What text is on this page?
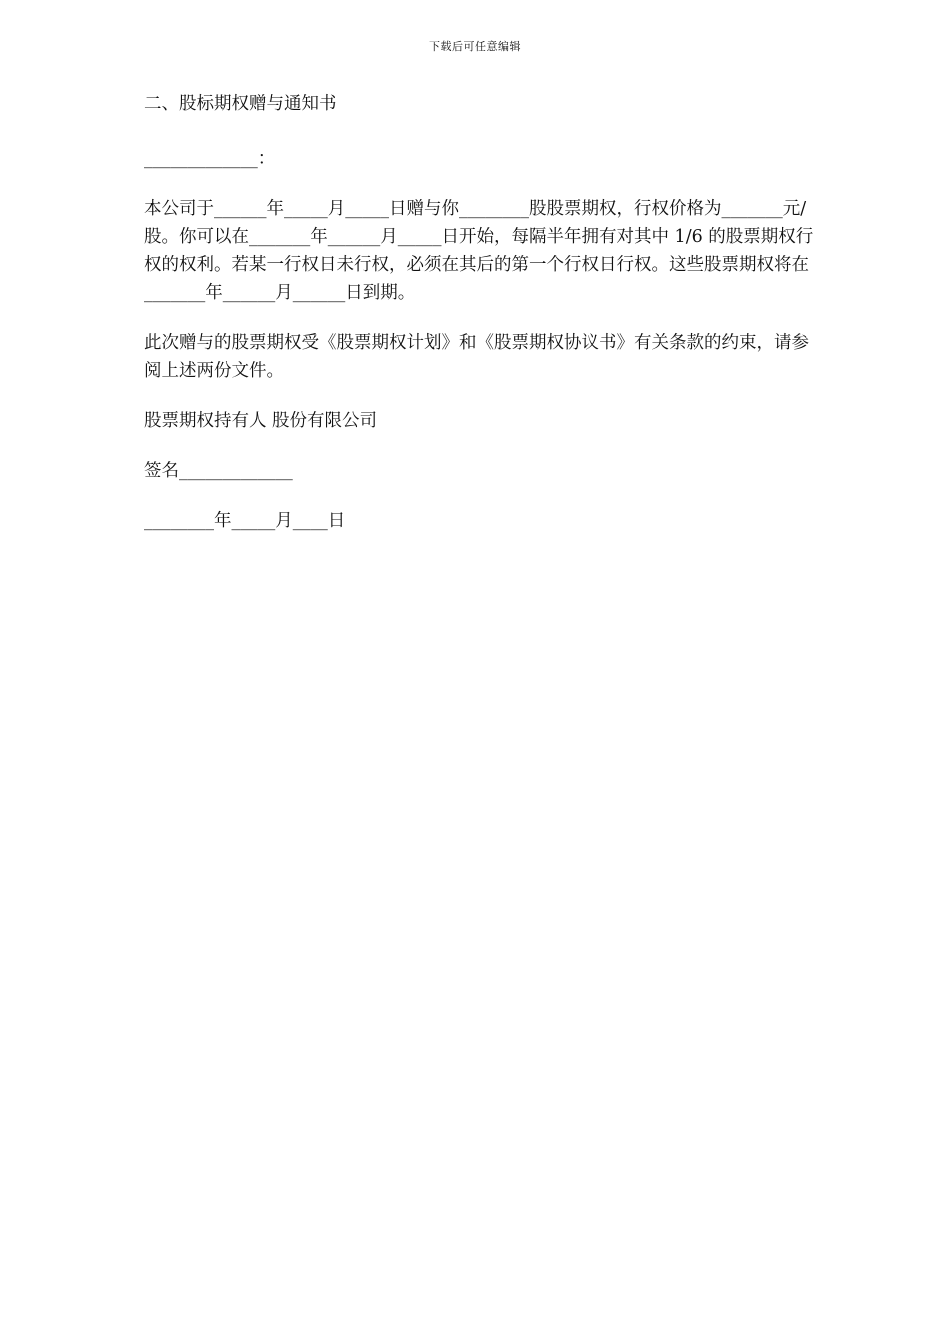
下载后可任意编辑

二、股标期权赠与通知书

_____________：

本公司于______年_____月_____日赠与你________股股票期权，行权价格为_______元/

股。你可以在_______年______月_____日开始，每隔半年拥有对其中 1/6 的股票期权行

权的权利。若某一行权日未行权，必须在其后的第一个行权日行权。这些股票期权将在

_______年______月______日到期。

此次赠与的股票期权受《股票期权计划》和《股票期权协议书》有关条款的约束，请参

阅上述两份文件。

股票期权持有人 股份有限公司

签名_____________

________年_____月____日
